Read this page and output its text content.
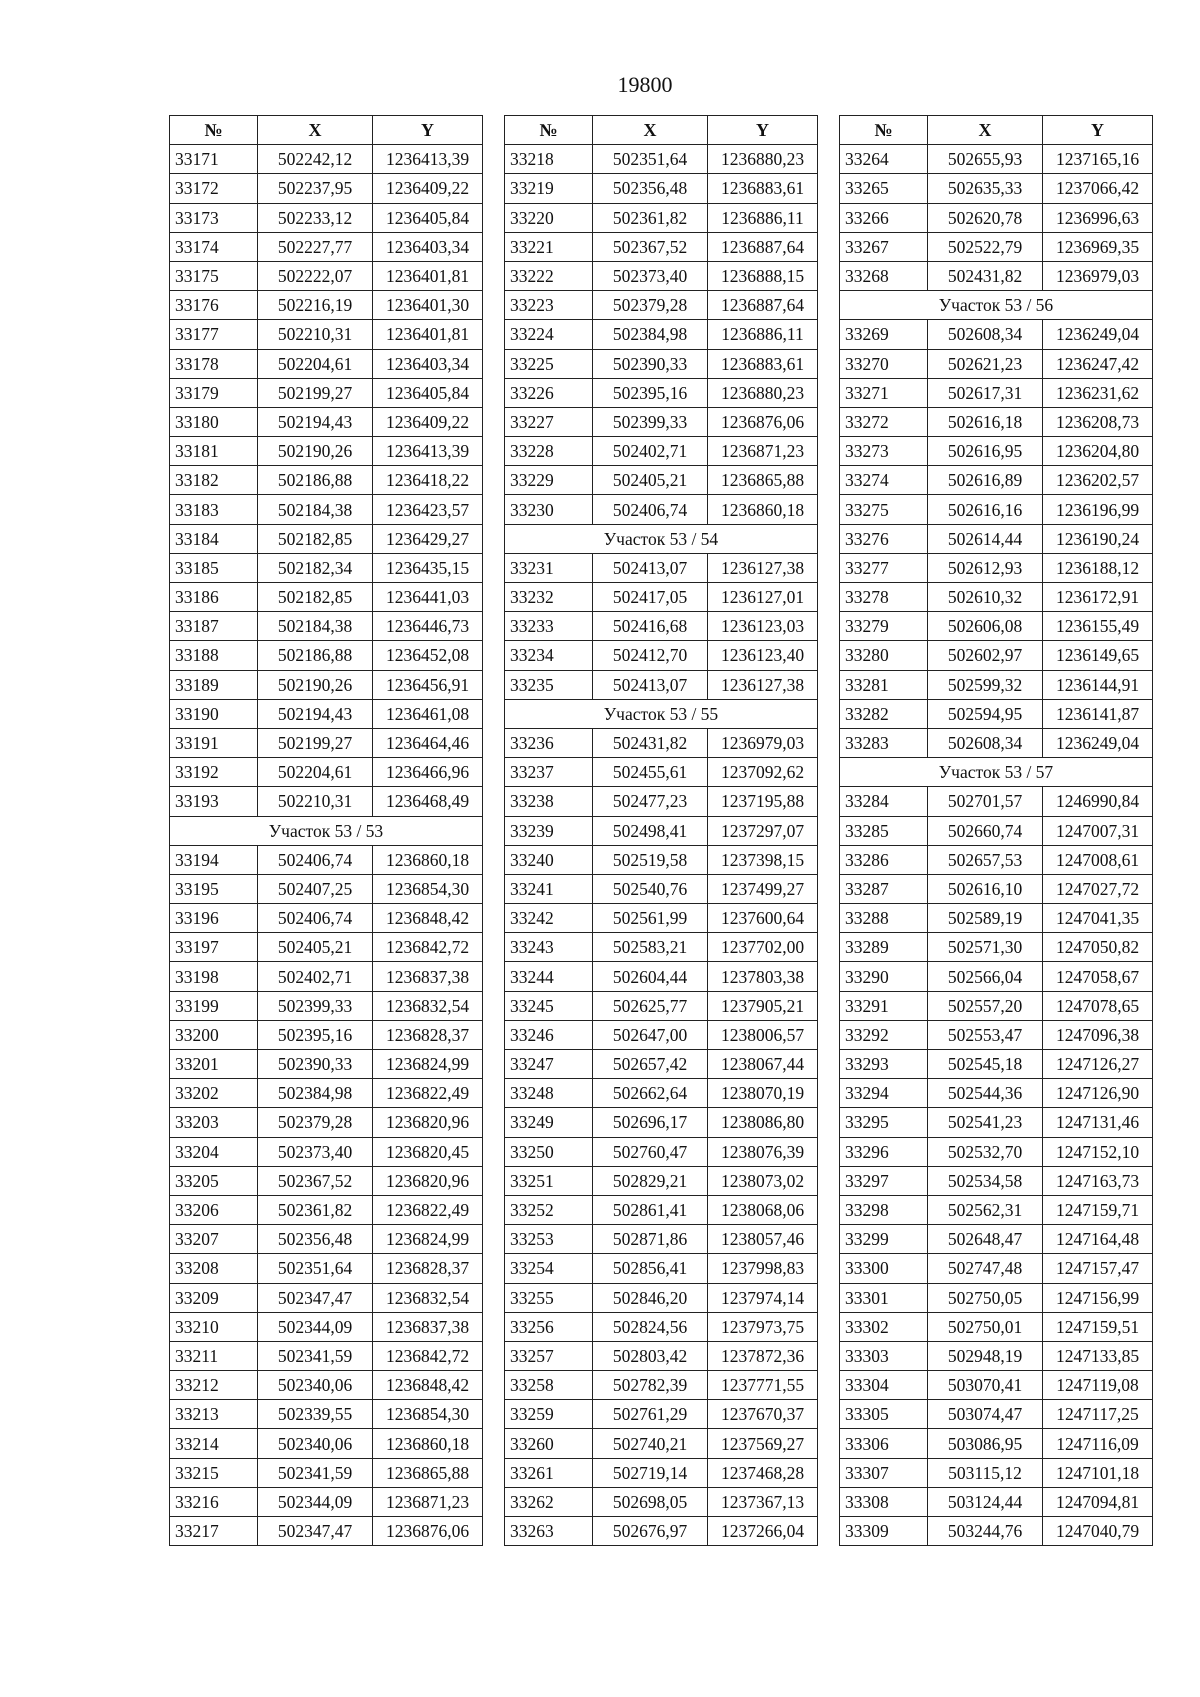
19800
№	X	Y
33171	502242,12	1236413,39
33172	502237,95	1236409,22
33173	502233,12	1236405,84
33174	502227,77	1236403,34
33175	502222,07	1236401,81
33176	502216,19	1236401,30
33177	502210,31	1236401,81
33178	502204,61	1236403,34
33179	502199,27	1236405,84
33180	502194,43	1236409,22
33181	502190,26	1236413,39
33182	502186,88	1236418,22
33183	502184,38	1236423,57
33184	502182,85	1236429,27
33185	502182,34	1236435,15
33186	502182,85	1236441,03
33187	502184,38	1236446,73
33188	502186,88	1236452,08
33189	502190,26	1236456,91
33190	502194,43	1236461,08
33191	502199,27	1236464,46
33192	502204,61	1236466,96
33193	502210,31	1236468,49
Участок 53 / 53		
33194	502406,74	1236860,18
33195	502407,25	1236854,30
33196	502406,74	1236848,42
33197	502405,21	1236842,72
33198	502402,71	1236837,38
33199	502399,33	1236832,54
33200	502395,16	1236828,37
33201	502390,33	1236824,99
33202	502384,98	1236822,49
33203	502379,28	1236820,96
33204	502373,40	1236820,45
33205	502367,52	1236820,96
33206	502361,82	1236822,49
33207	502356,48	1236824,99
33208	502351,64	1236828,37
33209	502347,47	1236832,54
33210	502344,09	1236837,38
33211	502341,59	1236842,72
33212	502340,06	1236848,42
33213	502339,55	1236854,30
33214	502340,06	1236860,18
33215	502341,59	1236865,88
33216	502344,09	1236871,23
33217	502347,47	1236876,06
№	X	Y
33218	502351,64	1236880,23
33219	502356,48	1236883,61
33220	502361,82	1236886,11
33221	502367,52	1236887,64
33222	502373,40	1236888,15
33223	502379,28	1236887,64
33224	502384,98	1236886,11
33225	502390,33	1236883,61
33226	502395,16	1236880,23
33227	502399,33	1236876,06
33228	502402,71	1236871,23
33229	502405,21	1236865,88
33230	502406,74	1236860,18
Участок 53 / 54		
33231	502413,07	1236127,38
33232	502417,05	1236127,01
33233	502416,68	1236123,03
33234	502412,70	1236123,40
33235	502413,07	1236127,38
Участок 53 / 55		
33236	502431,82	1236979,03
33237	502455,61	1237092,62
33238	502477,23	1237195,88
33239	502498,41	1237297,07
33240	502519,58	1237398,15
33241	502540,76	1237499,27
33242	502561,99	1237600,64
33243	502583,21	1237702,00
33244	502604,44	1237803,38
33245	502625,77	1237905,21
33246	502647,00	1238006,57
33247	502657,42	1238067,44
33248	502662,64	1238070,19
33249	502696,17	1238086,80
33250	502760,47	1238076,39
33251	502829,21	1238073,02
33252	502861,41	1238068,06
33253	502871,86	1238057,46
33254	502856,41	1237998,83
33255	502846,20	1237974,14
33256	502824,56	1237973,75
33257	502803,42	1237872,36
33258	502782,39	1237771,55
33259	502761,29	1237670,37
33260	502740,21	1237569,27
33261	502719,14	1237468,28
33262	502698,05	1237367,13
33263	502676,97	1237266,04
№	X	Y
33264	502655,93	1237165,16
33265	502635,33	1237066,42
33266	502620,78	1236996,63
33267	502522,79	1236969,35
33268	502431,82	1236979,03
Участок 53 / 56		
33269	502608,34	1236249,04
33270	502621,23	1236247,42
33271	502617,31	1236231,62
33272	502616,18	1236208,73
33273	502616,95	1236204,80
33274	502616,89	1236202,57
33275	502616,16	1236196,99
33276	502614,44	1236190,24
33277	502612,93	1236188,12
33278	502610,32	1236172,91
33279	502606,08	1236155,49
33280	502602,97	1236149,65
33281	502599,32	1236144,91
33282	502594,95	1236141,87
33283	502608,34	1236249,04
Участок 53 / 57		
33284	502701,57	1246990,84
33285	502660,74	1247007,31
33286	502657,53	1247008,61
33287	502616,10	1247027,72
33288	502589,19	1247041,35
33289	502571,30	1247050,82
33290	502566,04	1247058,67
33291	502557,20	1247078,65
33292	502553,47	1247096,38
33293	502545,18	1247126,27
33294	502544,36	1247126,90
33295	502541,23	1247131,46
33296	502532,70	1247152,10
33297	502534,58	1247163,73
33298	502562,31	1247159,71
33299	502648,47	1247164,48
33300	502747,48	1247157,47
33301	502750,05	1247156,99
33302	502750,01	1247159,51
33303	502948,19	1247133,85
33304	503070,41	1247119,08
33305	503074,47	1247117,25
33306	503086,95	1247116,09
33307	503115,12	1247101,18
33308	503124,44	1247094,81
33309	503244,76	1247040,79
